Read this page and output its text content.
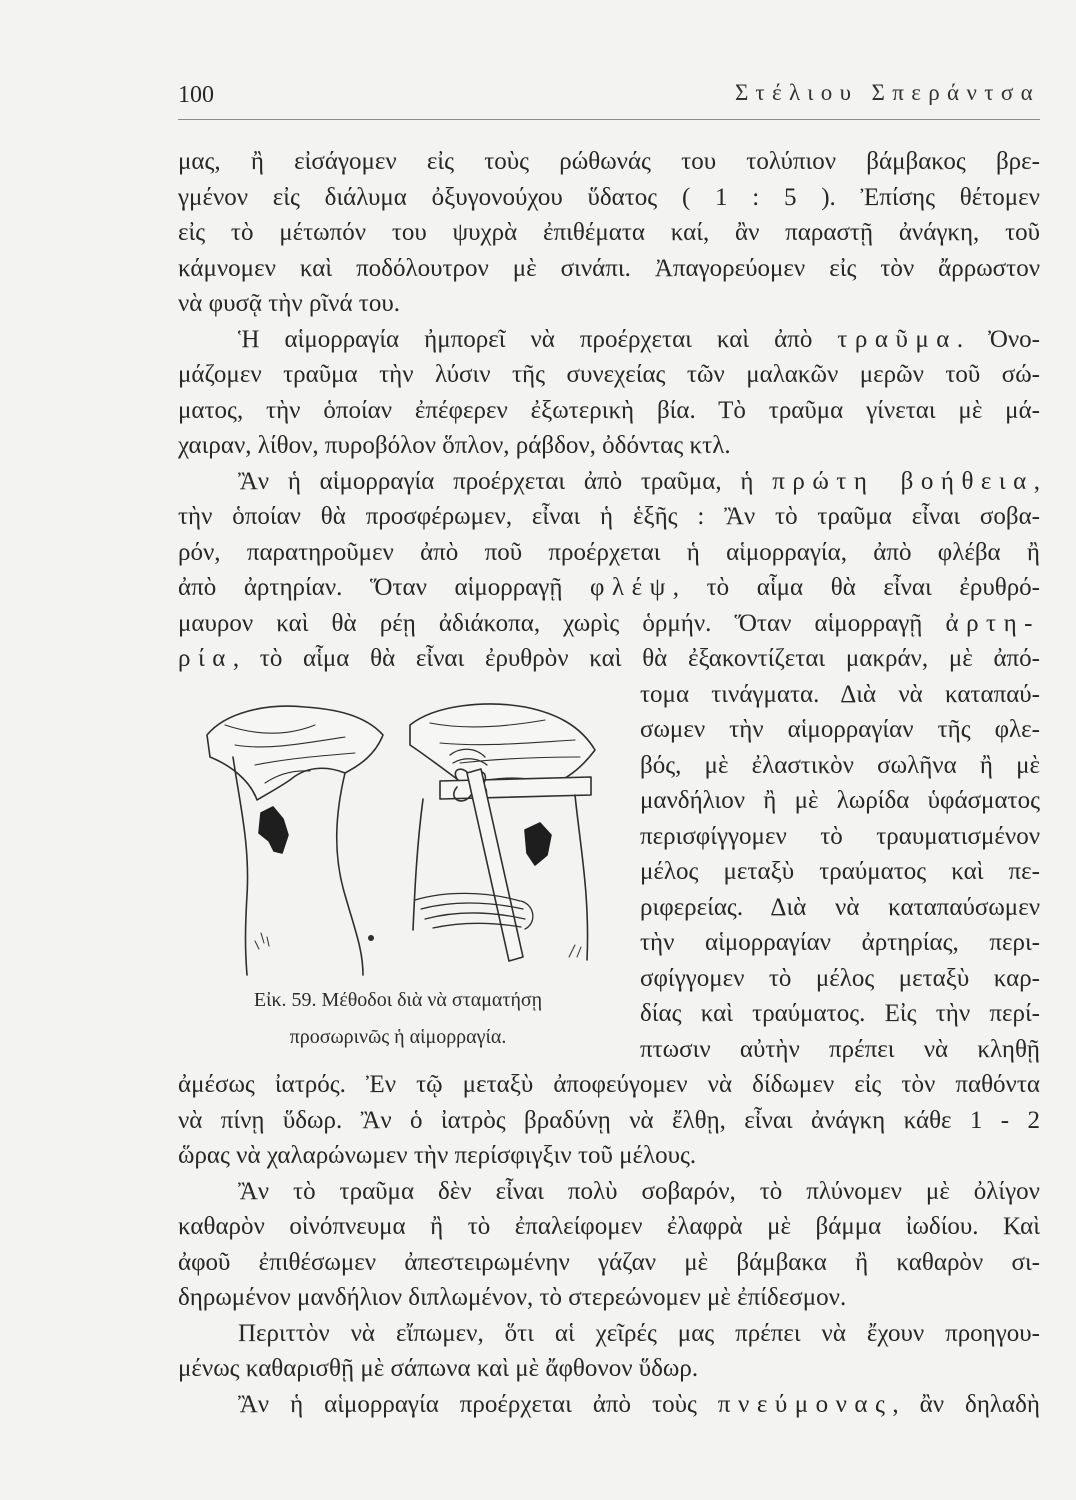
100	Στέλιου Σπεράντσα
μας, ἢ εἰσάγομεν εἰς τοὺς ρώθωνάς του τολύπιον βάμβακος βρε-
γμένον εἰς διάλυμα ὀξυγονούχου ὕδατος ( 1 : 5 ). Ἐπίσης θέτομεν
εἰς τὸ μέτωπόν του ψυχρὰ ἐπιθέματα καί, ἂν παραστῇ ἀνάγκη, τοῦ
κάμνομεν καὶ ποδόλουτρον μὲ σινάπι. Ἀπαγορεύομεν εἰς τὸν ἄρρωστον
νὰ φυσᾷ τὴν ρῖνά του.
Ἡ αἱμορραγία ἠμπορεῖ νὰ προέρχεται καὶ ἀπὸ τραῦμα. Ὀνο-
μάζομεν τραῦμα τὴν λύσιν τῆς συνεχείας τῶν μαλακῶν μερῶν τοῦ σώ-
ματος, τὴν ὁποίαν ἐπέφερεν ἐξωτερικὴ βία. Τὸ τραῦμα γίνεται μὲ μά-
χαιραν, λίθον, πυροβόλον ὅπλον, ράβδον, ὀδόντας κτλ.
Ἂν ἡ αἱμορραγία προέρχεται ἀπὸ τραῦμα, ἡ πρώτη βοήθεια,
τὴν ὁποίαν θὰ προσφέρωμεν, εἶναι ἡ ἑξῆς : Ἂν τὸ τραῦμα εἶναι σοβα-
ρόν, παρατηροῦμεν ἀπὸ ποῦ προέρχεται ἡ αἱμορραγία, ἀπὸ φλέβα ἢ
ἀπὸ ἀρτηρίαν. Ὅταν αἱμορραγῇ φλέψ, τὸ αἷμα θὰ εἶναι ἐρυθρό-
μαυρον καὶ θὰ ρέῃ ἀδιάκοπα, χωρὶς ὁρμήν. Ὅταν αἱμορραγῇ ἀρτη-
ρία, τὸ αἷμα θὰ εἶναι ἐρυθρὸν καὶ θὰ ἐξακοντίζεται μακράν, μὲ ἀπό-
Εἰκ. 59. Μέθοδοι διὰ νὰ σταματήσῃ
προσωρινῶς ἡ αἱμορραγία.
τομα τινάγματα. Διὰ νὰ καταπαύ-
σωμεν τὴν αἱμορραγίαν τῆς φλε-
βός, μὲ ἐλαστικὸν σωλῆνα ἢ μὲ
μανδήλιον ἢ μὲ λωρίδα ὑφάσματος
περισφίγγομεν τὸ τραυματισμένον
μέλος μεταξὺ τραύματος καὶ πε-
ριφερείας. Διὰ νὰ καταπαύσωμεν
τὴν αἱμορραγίαν ἀρτηρίας, περι-
σφίγγομεν τὸ μέλος μεταξὺ καρ-
δίας καὶ τραύματος. Εἰς τὴν περί-
πτωσιν αὐτὴν πρέπει νὰ κληθῇ
ἀμέσως ἰατρός. Ἐν τῷ μεταξὺ ἀποφεύγομεν νὰ δίδωμεν εἰς τὸν παθόντα
νὰ πίνῃ ὕδωρ. Ἂν ὁ ἰατρὸς βραδύνῃ νὰ ἔλθῃ, εἶναι ἀνάγκη κάθε 1 - 2
ὥρας νὰ χαλαρώνωμεν τὴν περίσφιγξιν τοῦ μέλους.
Ἂν τὸ τραῦμα δὲν εἶναι πολὺ σοβαρόν, τὸ πλύνομεν μὲ ὀλίγον
καθαρὸν οἰνόπνευμα ἢ τὸ ἐπαλείφομεν ἐλαφρὰ μὲ βάμμα ἰωδίου. Καὶ
ἀφοῦ ἐπιθέσωμεν ἀπεστειρωμένην γάζαν μὲ βάμβακα ἢ καθαρὸν σι-
δηρωμένον μανδήλιον διπλωμένον, τὸ στερεώνομεν μὲ ἐπίδεσμον.
Περιττὸν νὰ εἴπωμεν, ὅτι αἱ χεῖρές μας πρέπει νὰ ἔχουν προηγου-
μένως καθαρισθῇ μὲ σάπωνα καὶ μὲ ἄφθονον ὕδωρ.
Ἂν ἡ αἱμορραγία προέρχεται ἀπὸ τοὺς πνεύμονας, ἂν δηλαδὴ
